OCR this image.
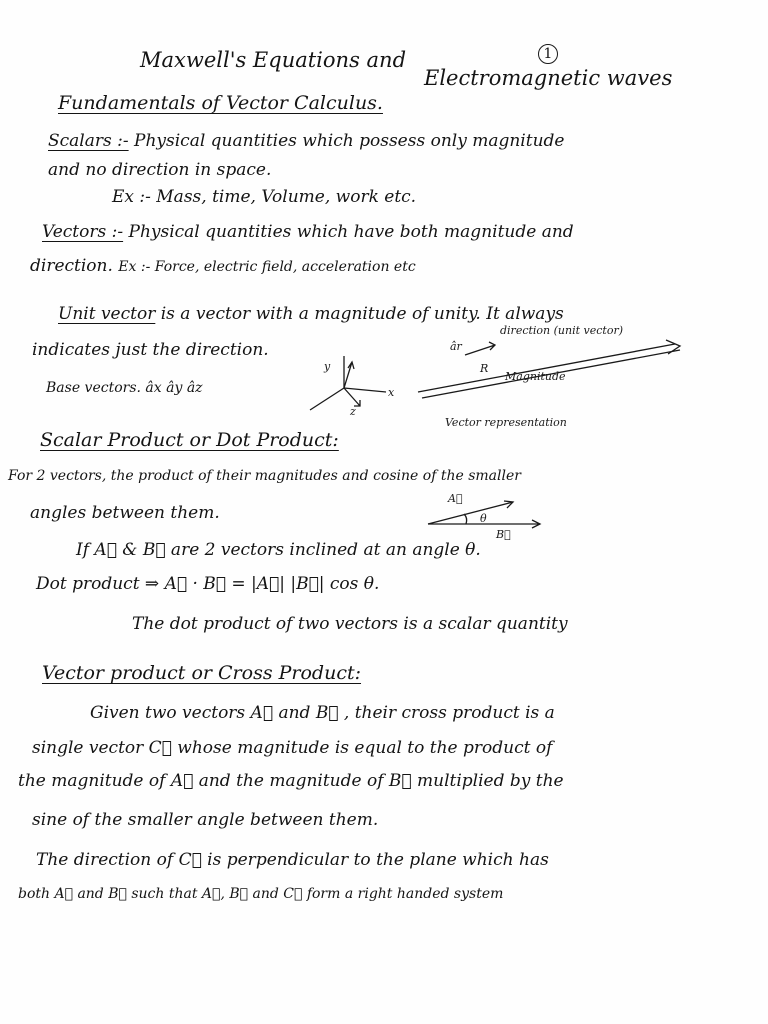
Maxwell's Equations and	1
Electromagnetic waves
Fundamentals of Vector Calculus.
Scalars :- Physical quantities which possess only magnitude
and no direction in space.
Ex :- Mass, time, Volume, work etc.
Vectors :- Physical quantities which have both magnitude and
direction. Ex :- Force, electric field, acceleration etc
Unit vector is a vector with a magnitude of unity. It always
indicates just the direction.
Base vectors. âx ây âz
y
x
z
âr
direction (unit vector)
R
Magnitude
Vector representation
Scalar Product or Dot Product:
For 2 vectors, the product of their magnitudes and cosine of the smaller
angles between them.
A⃗
θ
B⃗
If A⃗ & B⃗ are 2 vectors inclined at an angle θ.
Dot product ⇒ A⃗ · B⃗ = |A⃗| |B⃗| cos θ.
The dot product of two vectors is a scalar quantity
Vector product or Cross Product:
Given two vectors A⃗ and B⃗ , their cross product is a
single vector C⃗ whose magnitude is equal to the product of
the magnitude of A⃗ and the magnitude of B⃗ multiplied by the
sine of the smaller angle between them.
The direction of C⃗ is perpendicular to the plane which has
both A⃗ and B⃗ such that A⃗, B⃗ and C⃗ form a right handed system
